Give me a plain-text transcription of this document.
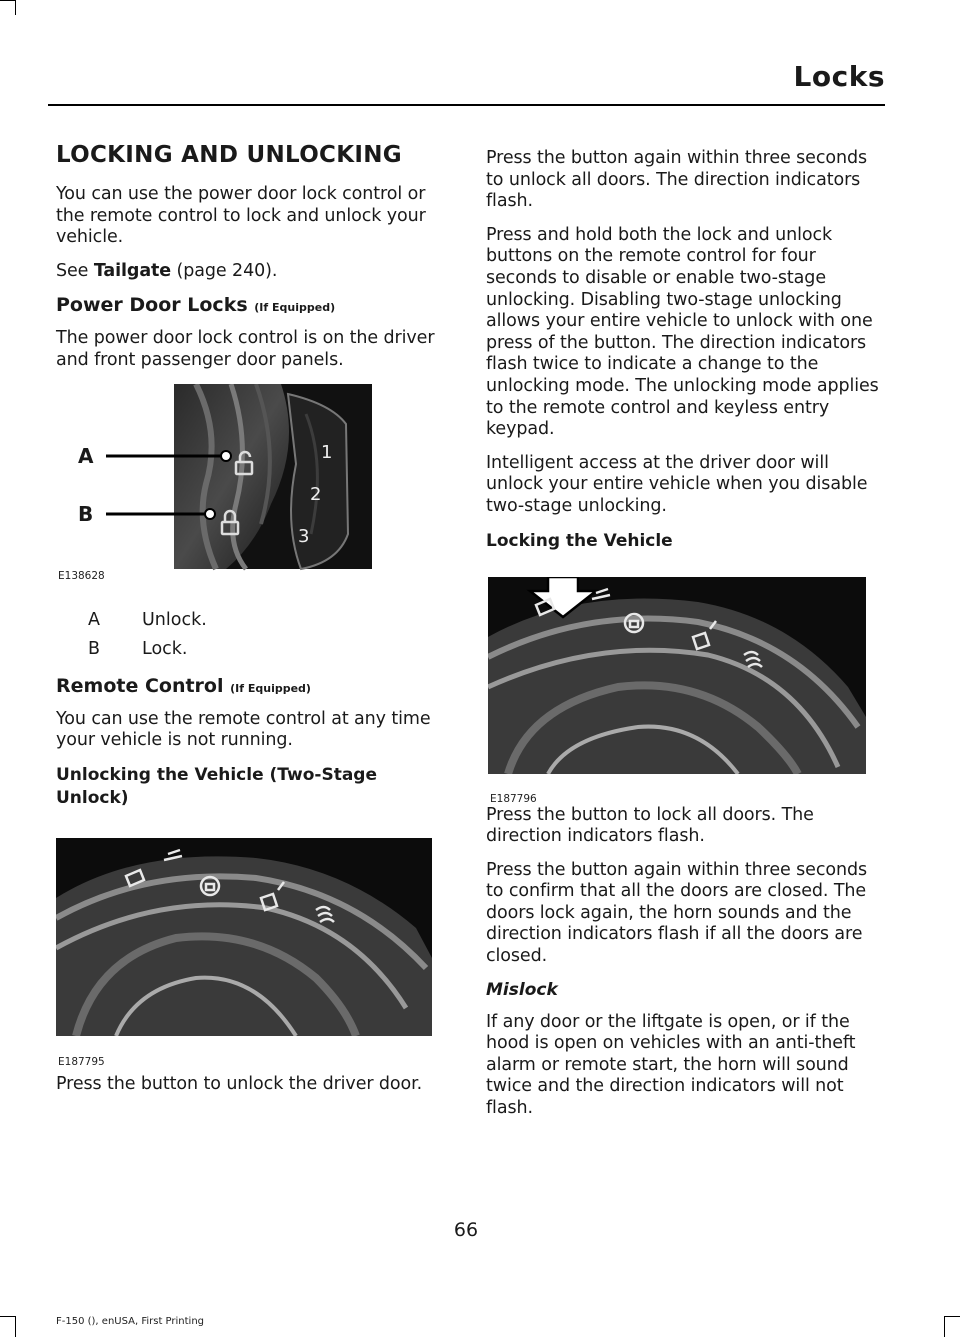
Locks
LOCKING AND UNLOCKING

You can use the power door lock control or the remote control to lock and unlock your vehicle.

See Tailgate (page 240).

Power Door Locks (If Equipped)

The power door lock control is on the driver and front passenger door panels.

A
B
1
2
3
E138628
A	Unlock.
B	Lock.
Remote Control (If Equipped)

You can use the remote control at any time your vehicle is not running.

Unlocking the Vehicle (Two-Stage Unlock)
E187795

Press the button to unlock the driver door.

Press the button again within three seconds to unlock all doors. The direction indicators flash.

Press and hold both the lock and unlock buttons on the remote control for four seconds to disable or enable two-stage unlocking. Disabling two-stage unlocking allows your entire vehicle to unlock with one press of the button. The direction indicators flash twice to indicate a change to the unlocking mode. The unlocking mode applies to the remote control and keyless entry keypad.

Intelligent access at the driver door will unlock your entire vehicle when you disable two-stage unlocking.

Locking the Vehicle
E187796

Press the button to lock all doors. The direction indicators flash.

Press the button again within three seconds to confirm that all the doors are closed. The doors lock again, the horn sounds and the direction indicators flash if all the doors are closed.

Mislock

If any door or the liftgate is open, or if the hood is open on vehicles with an anti-theft alarm or remote start, the horn will sound twice and the direction indicators will not flash.

66
F-150 (), enUSA, First Printing
